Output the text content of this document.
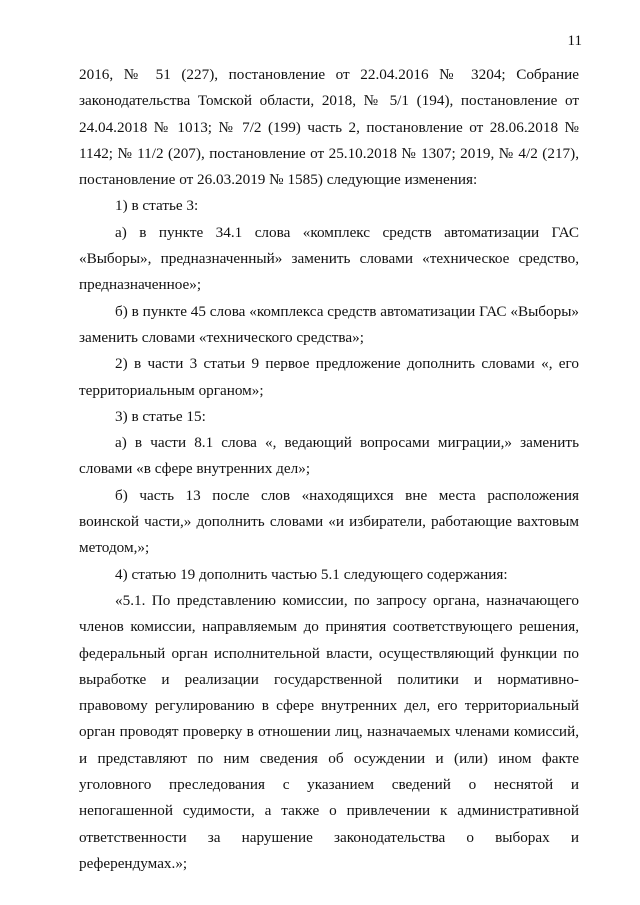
11

2016, № 51 (227), постановление от 22.04.2016 № 3204; Собрание законодательства Томской области, 2018, № 5/1 (194), постановление от 24.04.2018 № 1013; № 7/2 (199) часть 2, постановление от 28.06.2018 № 1142; № 11/2 (207), постановление от 25.10.2018 № 1307; 2019, № 4/2 (217), постановление от 26.03.2019 № 1585) следующие изменения:

1) в статье 3:

а) в пункте 34.1 слова «комплекс средств автоматизации ГАС «Выборы», предназначенный» заменить словами «техническое средство, предназначенное»;

б) в пункте 45 слова «комплекса средств автоматизации ГАС «Выборы» заменить словами «технического средства»;

2) в части 3 статьи 9 первое предложение дополнить словами «, его территориальным органом»;

3) в статье 15:

а) в части 8.1 слова «, ведающий вопросами миграции,» заменить словами «в сфере внутренних дел»;

б) часть 13 после слов «находящихся вне места расположения воинской части,» дополнить словами «и избиратели, работающие вахтовым методом,»;

4) статью 19 дополнить частью 5.1 следующего содержания:

«5.1. По представлению комиссии, по запросу органа, назначающего членов комиссии, направляемым до принятия соответствующего решения, федеральный орган исполнительной власти, осуществляющий функции по выработке и реализации государственной политики и нормативно-правовому регулированию в сфере внутренних дел, его территориальный орган проводят проверку в отношении лиц, назначаемых членами комиссий, и представляют по ним сведения об осуждении и (или) ином факте уголовного преследования с указанием сведений о неснятой и непогашенной судимости, а также о привлечении к административной ответственности за нарушение законодательства о выборах и референдумах.»;
